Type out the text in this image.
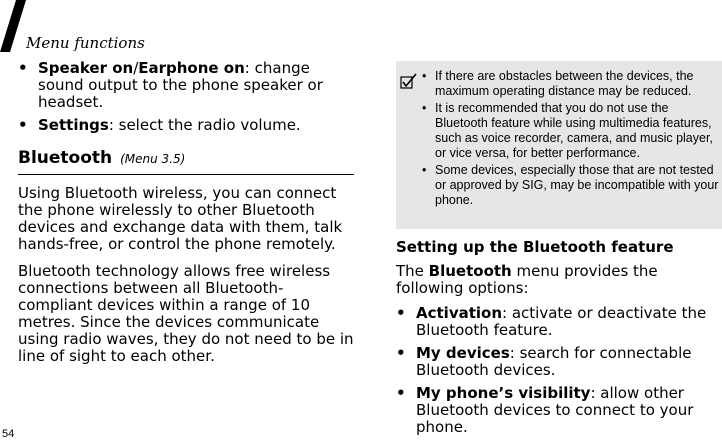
Menu functions
• Speaker on/Earphone on: change sound output to the phone speaker or headset.
• Settings: select the radio volume.
Bluetooth (Menu 3.5)
Using Bluetooth wireless, you can connect the phone wirelessly to other Bluetooth devices and exchange data with them, talk hands-free, or control the phone remotely.
Bluetooth technology allows free wireless connections between all Bluetooth-compliant devices within a range of 10 metres. Since the devices communicate using radio waves, they do not need to be in line of sight to each other.
• If there are obstacles between the devices, the maximum operating distance may be reduced.
• It is recommended that you do not use the Bluetooth feature while using multimedia features, such as voice recorder, camera, and music player, or vice versa, for better performance.
• Some devices, especially those that are not tested or approved by SIG, may be incompatible with your phone.
Setting up the Bluetooth feature
The Bluetooth menu provides the following options:
• Activation: activate or deactivate the Bluetooth feature.
• My devices: search for connectable Bluetooth devices.
• My phone’s visibility: allow other Bluetooth devices to connect to your phone.
54
